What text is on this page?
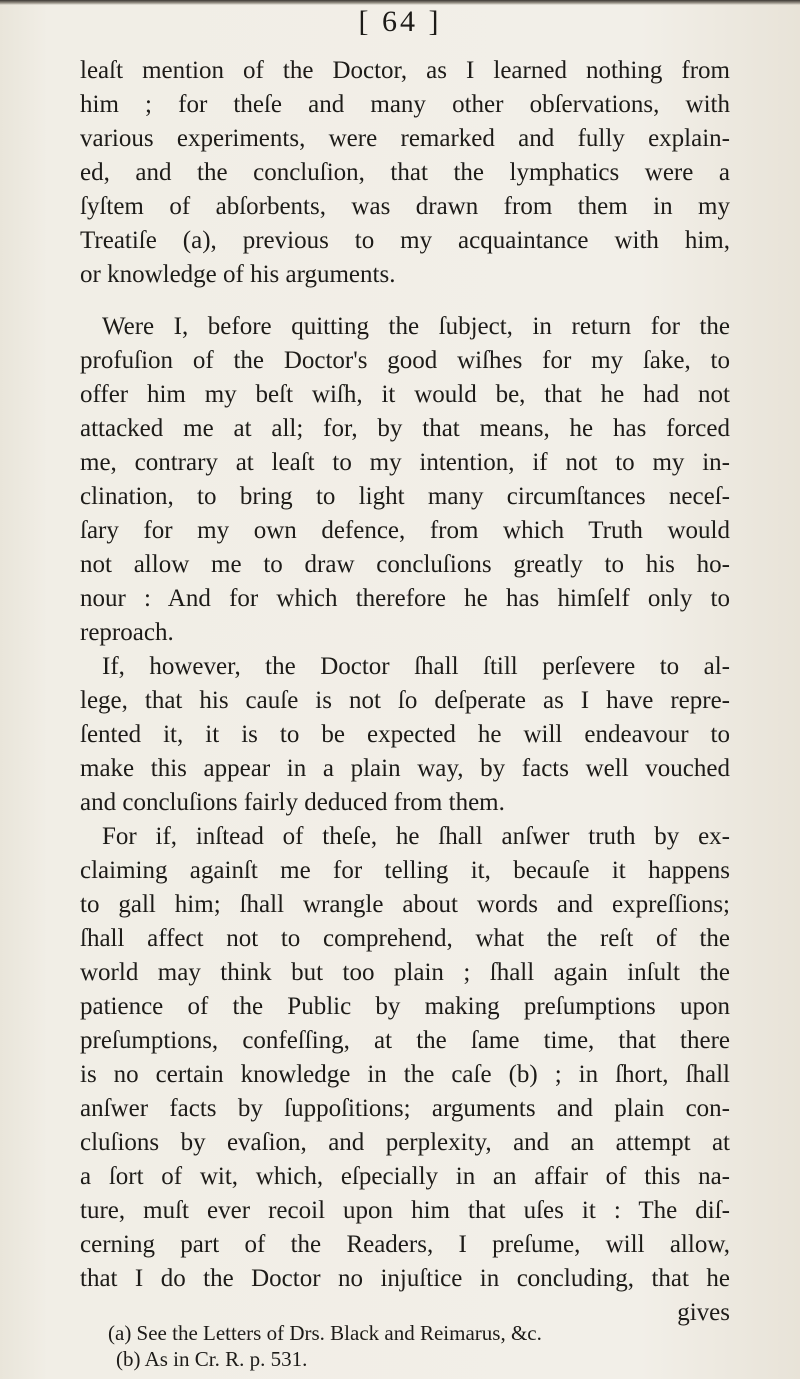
[ 64 ]
leaſt mention of the Doctor, as I learned nothing from
him ; for theſe and many other obſervations, with
various experiments, were remarked and fully explain-
ed, and the concluſion, that the lymphatics were a
ſyſtem of abſorbents, was drawn from them in my
Treatiſe (a), previous to my acquaintance with him,
or knowledge of his arguments.
Were I, before quitting the ſubject, in return for the
profuſion of the Doctor's good wiſhes for my ſake, to
offer him my beſt wiſh, it would be, that he had not
attacked me at all; for, by that means, he has forced
me, contrary at leaſt to my intention, if not to my in-
clination, to bring to light many circumſtances neceſ-
ſary for my own defence, from which Truth would
not allow me to draw concluſions greatly to his ho-
nour : And for which therefore he has himſelf only to
reproach.
If, however, the Doctor ſhall ſtill perſevere to al-
lege, that his cauſe is not ſo deſperate as I have repre-
ſented it, it is to be expected he will endeavour to
make this appear in a plain way, by facts well vouched
and concluſions fairly deduced from them.
For if, inſtead of theſe, he ſhall anſwer truth by ex-
claiming againſt me for telling it, becauſe it happens
to gall him; ſhall wrangle about words and expreſſions;
ſhall affect not to comprehend, what the reſt of the
world may think but too plain ; ſhall again inſult the
patience of the Public by making preſumptions upon
preſumptions, confeſſing, at the ſame time, that there
is no certain knowledge in the caſe (b) ; in ſhort, ſhall
anſwer facts by ſuppoſitions; arguments and plain con-
cluſions by evaſion, and perplexity, and an attempt at
a ſort of wit, which, eſpecially in an affair of this na-
ture, muſt ever recoil upon him that uſes it : The diſ-
cerning part of the Readers, I preſume, will allow,
that I do the Doctor no injuſtice in concluding, that he
gives
(a) See the Letters of Drs. Black and Reimarus, &c.
(b) As in Cr. R. p. 531.
